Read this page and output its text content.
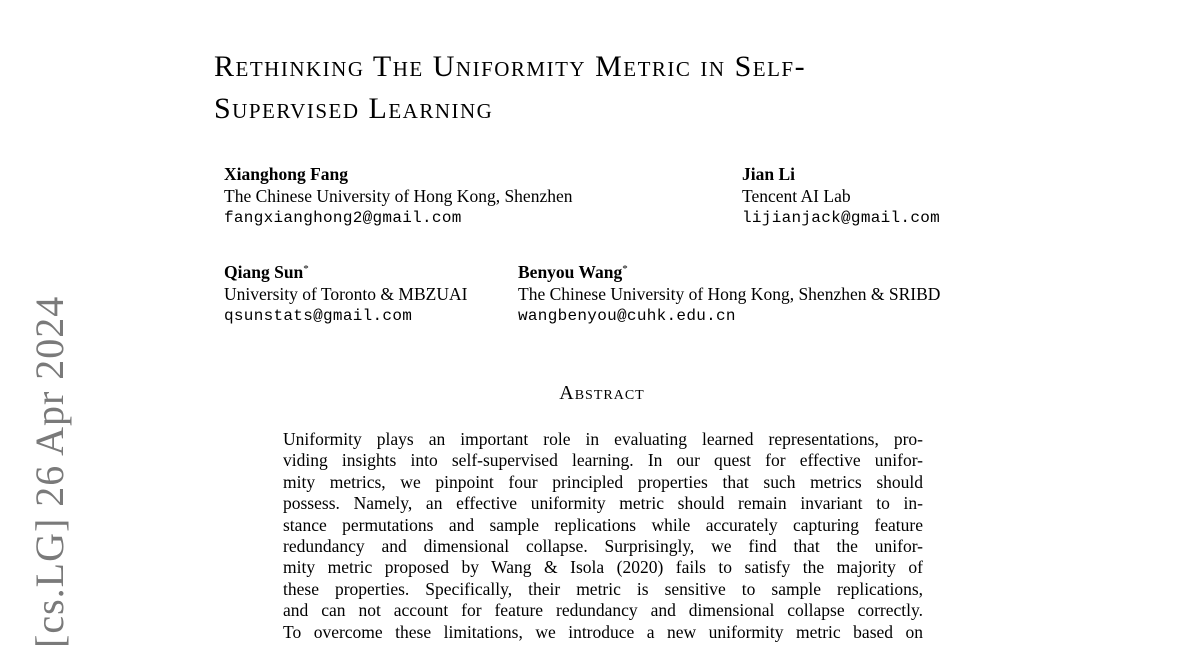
Rethinking The Uniformity Metric in Self-
Supervised Learning
Xianghong Fang
The Chinese University of Hong Kong, Shenzhen
fangxianghong2@gmail.com
Jian Li
Tencent AI Lab
lijianjack@gmail.com
Qiang Sun*
University of Toronto & MBZUAI
qsunstats@gmail.com
Benyou Wang*
The Chinese University of Hong Kong, Shenzhen & SRIBD
wangbenyou@cuhk.edu.cn
Abstract
Uniformity plays an important role in evaluating learned representations, pro-
viding insights into self-supervised learning. In our quest for effective unifor-
mity metrics, we pinpoint four principled properties that such metrics should
possess. Namely, an effective uniformity metric should remain invariant to in-
stance permutations and sample replications while accurately capturing feature
redundancy and dimensional collapse. Surprisingly, we find that the unifor-
mity metric proposed by Wang & Isola (2020) fails to satisfy the majority of
these properties. Specifically, their metric is sensitive to sample replications,
and can not account for feature redundancy and dimensional collapse correctly.
To overcome these limitations, we introduce a new uniformity metric based on
[cs.LG] 26 Apr 2024
